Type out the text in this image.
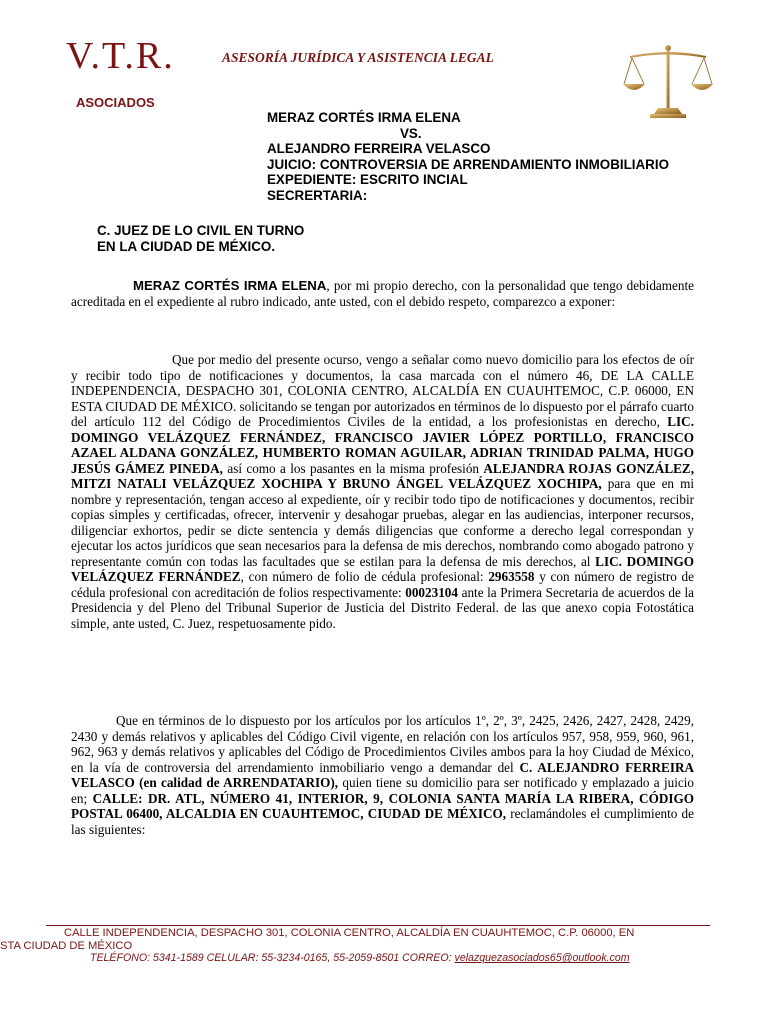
V.T.R.	ASESORÍA JURÍDICA Y ASISTENCIA LEGAL
ASOCIADOS
MERAZ CORTÉS IRMA ELENA
VS.
ALEJANDRO FERREIRA VELASCO
JUICIO: CONTROVERSIA DE ARRENDAMIENTO INMOBILIARIO
EXPEDIENTE: ESCRITO INCIAL
SECRERTARIA:
C. JUEZ DE LO CIVIL EN TURNO
EN LA CIUDAD DE MÉXICO.
MERAZ CORTÉS IRMA ELENA, por mi propio derecho, con la personalidad que tengo debidamente acreditada en el expediente al rubro indicado, ante usted, con el debido respeto, comparezco a exponer:
Que por medio del presente ocurso, vengo a señalar como nuevo domicilio para los efectos de oír y recibir todo tipo de notificaciones y documentos, la casa marcada con el número 46, DE LA CALLE INDEPENDENCIA, DESPACHO 301, COLONIA CENTRO, ALCALDÍA EN CUAUHTEMOC, C.P. 06000, EN ESTA CIUDAD DE MÉXICO. solicitando se tengan por autorizados en términos de lo dispuesto por el párrafo cuarto del artículo 112 del Código de Procedimientos Civiles de la entidad, a los profesionistas en derecho, LIC. DOMINGO VELÁZQUEZ FERNÁNDEZ, FRANCISCO JAVIER LÓPEZ PORTILLO, FRANCISCO AZAEL ALDANA GONZÁLEZ, HUMBERTO ROMAN AGUILAR, ADRIAN TRINIDAD PALMA, HUGO JESÚS GÁMEZ PINEDA, así como a los pasantes en la misma profesión ALEJANDRA ROJAS GONZÁLEZ, MITZI NATALI VELÁZQUEZ XOCHIPA Y BRUNO ÁNGEL VELÁZQUEZ XOCHIPA, para que en mi nombre y representación, tengan acceso al expediente, oír y recibir todo tipo de notificaciones y documentos, recibir copias simples y certificadas, ofrecer, intervenir y desahogar pruebas, alegar en las audiencias, interponer recursos, diligenciar exhortos, pedir se dicte sentencia y demás diligencias que conforme a derecho legal correspondan y ejecutar los actos jurídicos que sean necesarios para la defensa de mis derechos, nombrando como abogado patrono y representante común con todas las facultades que se estilan para la defensa de mis derechos, al LIC. DOMINGO VELÁZQUEZ FERNÁNDEZ, con número de folio de cédula profesional: 2963558 y con número de registro de cédula profesional con acreditación de folios respectivamente: 00023104 ante la Primera Secretaria de acuerdos de la Presidencia y del Pleno del Tribunal Superior de Justicia del Distrito Federal. de las que anexo copia Fotostática simple, ante usted, C. Juez, respetuosamente pido.
Que en términos de lo dispuesto por los artículos por los artículos 1º, 2º, 3º, 2425, 2426, 2427, 2428, 2429, 2430 y demás relativos y aplicables del Código Civil vigente, en relación con los artículos 957, 958, 959, 960, 961, 962, 963 y demás relativos y aplicables del Código de Procedimientos Civiles ambos para la hoy Ciudad de México, en la vía de controversia del arrendamiento inmobiliario vengo a demandar del C. ALEJANDRO FERREIRA VELASCO (en calidad de ARRENDATARIO), quien tiene su domicilio para ser notificado y emplazado a juicio en; CALLE: DR. ATL, NÚMERO 41, INTERIOR, 9, COLONIA SANTA MARÍA LA RIBERA, CÓDIGO POSTAL 06400, ALCALDIA EN CUAUHTEMOC, CIUDAD DE MÉXICO, reclamándoles el cumplimiento de las siguientes:
CALLE INDEPENDENCIA, DESPACHO 301, COLONIA CENTRO, ALCALDÍA EN CUAUHTEMOC, C.P. 06000, EN
STA CIUDAD DE MÉXICO
TELÉFONO: 5341-1589 CELULAR: 55-3234-0165, 55-2059-8501 CORREO: velazquezasociados65@outlook.com
